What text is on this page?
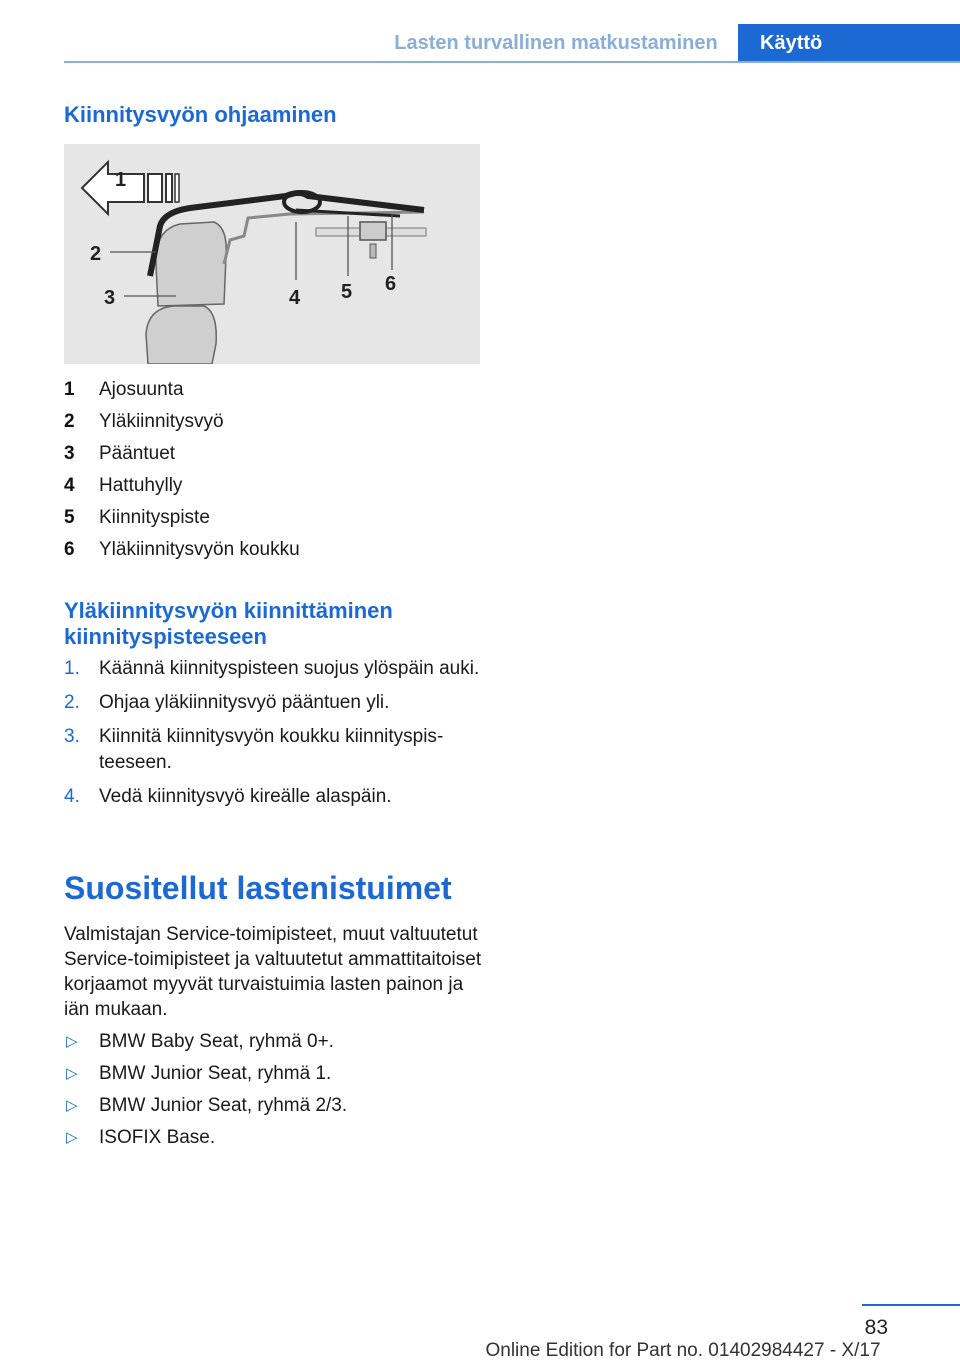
Lasten turvallinen matkustaminen	Käyttö
Kiinnitysvyön ohjaaminen
1
2
3	4 5 6
1 Ajosuunta
2 Yläkiinnitysvyö
3 Pääntuet
4 Hattuhylly
5 Kiinnityspiste
6 Yläkiinnitysvyön koukku
Yläkiinnitysvyön kiinnittäminen kiinnityspisteeseen
1. Käännä kiinnityspisteen suojus ylöspäin auki.
2. Ohjaa yläkiinnitysvyö pääntuen yli.
3. Kiinnitä kiinnitysvyön koukku kiinnityspisteeseen.
4. Vedä kiinnitysvyö kireälle alaspäin.
Suositellut lastenistuimet
Valmistajan Service-toimipisteet, muut valtuutetut Service-toimipisteet ja valtuutetut ammattitaitoiset korjaamot myyvät turvaistuimia lasten painon ja iän mukaan.
▷ BMW Baby Seat, ryhmä 0+.
▷ BMW Junior Seat, ryhmä 1.
▷ BMW Junior Seat, ryhmä 2/3.
▷ ISOFIX Base.
83
Online Edition for Part no. 01402984427 - X/17
